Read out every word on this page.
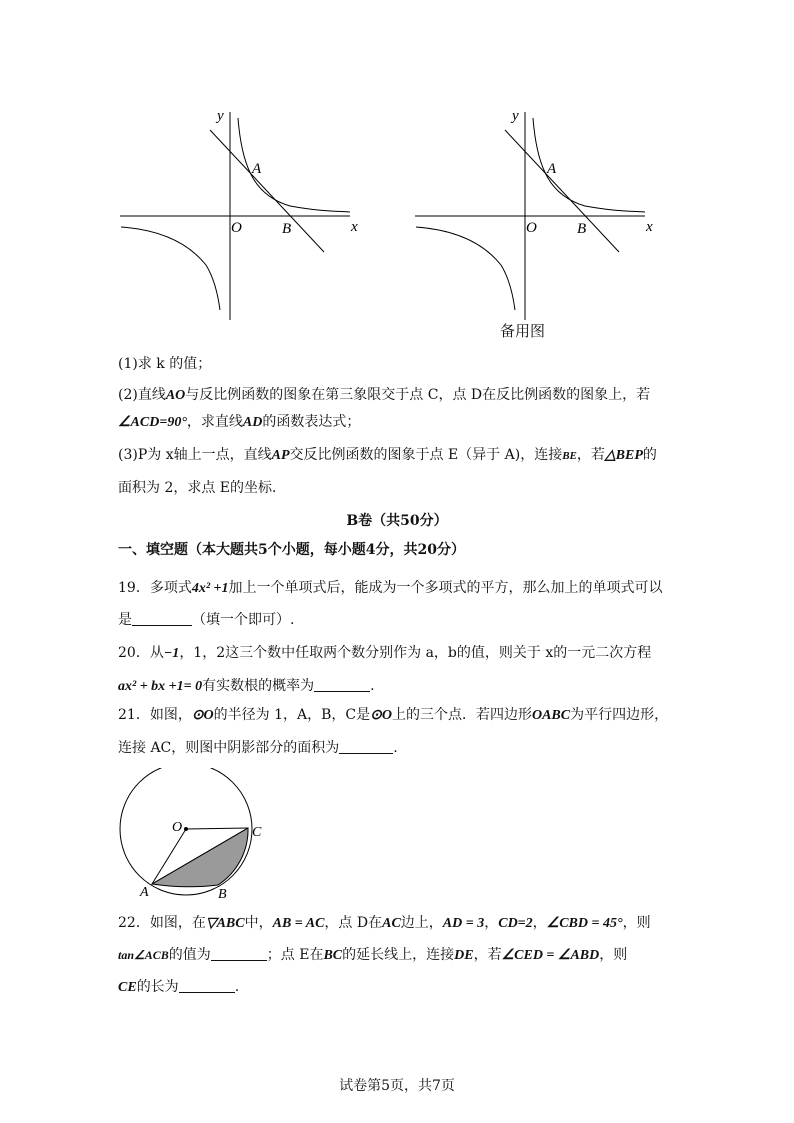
y
x
O
A
B
y
x
O
A
B
备用图
(1)求 k 的值；
(2)直线AO与反比例函数的图象在第三象限交于点 C，点 D在反比例函数的图象上，若
∠ACD=90°，求直线AD的函数表达式；
(3)P为 x轴上一点，直线AP交反比例函数的图象于点 E（异于 A)，连接BE，若△BEP的
面积为 2，求点 E的坐标．
B卷（共50分）
一、填空题（本大题共5个小题，每小题4分，共20分）
19．多项式4x² +1加上一个单项式后，能成为一个多项式的平方，那么加上的单项式可以
是	（填一个即可）.
20．从−1，1，2这三个数中任取两个数分别作为 a，b的值，则关于 x的一元二次方程
ax² + bx +1= 0有实数根的概率为	.
21．如图，⊙O的半径为 1，A，B，C是⊙O上的三个点．若四边形OABC为平行四边形，
连接 AC，则图中阴影部分的面积为	.
O	C
A	B
22．如图，在▽ABC中，AB = AC，点 D在AC边上，AD = 3，CD=2，∠CBD = 45°，则
tan∠ACB的值为	；点 E在BC的延长线上，连接DE，若∠CED = ∠ABD，则
CE的长为	.
试卷第5页，共7页
